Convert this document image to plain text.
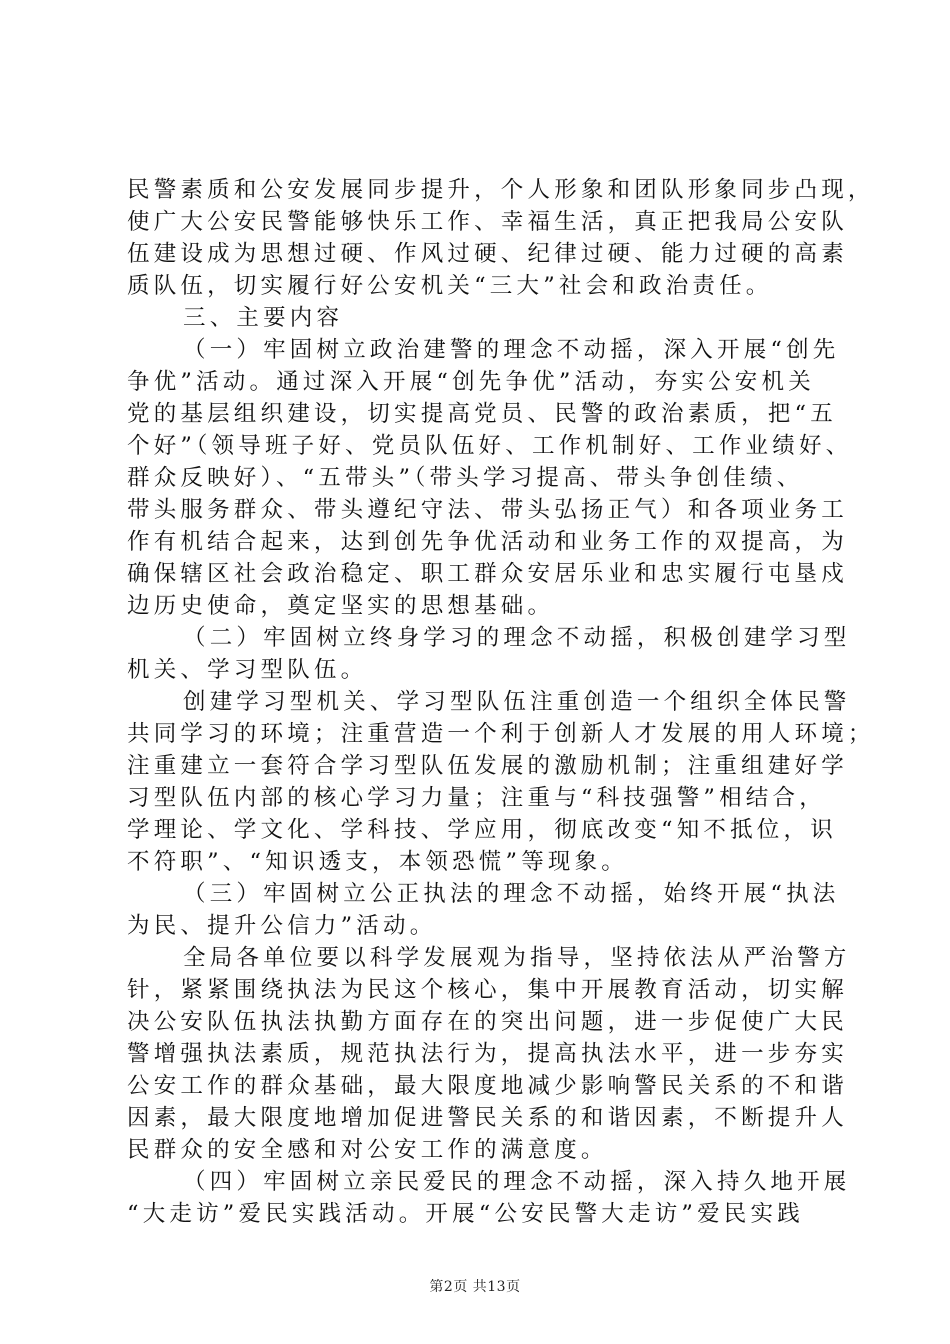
民警素质和公安发展同步提升，个人形象和团队形象同步凸现，
使广大公安民警能够快乐工作、幸福生活，真正把我局公安队
伍建设成为思想过硬、作风过硬、纪律过硬、能力过硬的高素
质队伍，切实履行好公安机关“三大”社会和政治责任。
三、主要内容
（一）牢固树立政治建警的理念不动摇，深入开展“创先
争优”活动。通过深入开展“创先争优”活动，夯实公安机关
党的基层组织建设，切实提高党员、民警的政治素质，把“五
个好”（领导班子好、党员队伍好、工作机制好、工作业绩好、
群众反映好）、“五带头”（带头学习提高、带头争创佳绩、
带头服务群众、带头遵纪守法、带头弘扬正气）和各项业务工
作有机结合起来，达到创先争优活动和业务工作的双提高，为
确保辖区社会政治稳定、职工群众安居乐业和忠实履行屯垦戍
边历史使命，奠定坚实的思想基础。
（二）牢固树立终身学习的理念不动摇，积极创建学习型
机关、学习型队伍。
创建学习型机关、学习型队伍注重创造一个组织全体民警
共同学习的环境；注重营造一个利于创新人才发展的用人环境；
注重建立一套符合学习型队伍发展的激励机制；注重组建好学
习型队伍内部的核心学习力量；注重与“科技强警”相结合，
学理论、学文化、学科技、学应用，彻底改变“知不抵位，识
不符职”、“知识透支，本领恐慌”等现象。
（三）牢固树立公正执法的理念不动摇，始终开展“执法
为民、提升公信力”活动。
全局各单位要以科学发展观为指导，坚持依法从严治警方
针，紧紧围绕执法为民这个核心，集中开展教育活动，切实解
决公安队伍执法执勤方面存在的突出问题，进一步促使广大民
警增强执法素质，规范执法行为，提高执法水平，进一步夯实
公安工作的群众基础，最大限度地减少影响警民关系的不和谐
因素，最大限度地增加促进警民关系的和谐因素，不断提升人
民群众的安全感和对公安工作的满意度。
（四）牢固树立亲民爱民的理念不动摇，深入持久地开展
“大走访”爱民实践活动。开展“公安民警大走访”爱民实践
第2页 共13页
